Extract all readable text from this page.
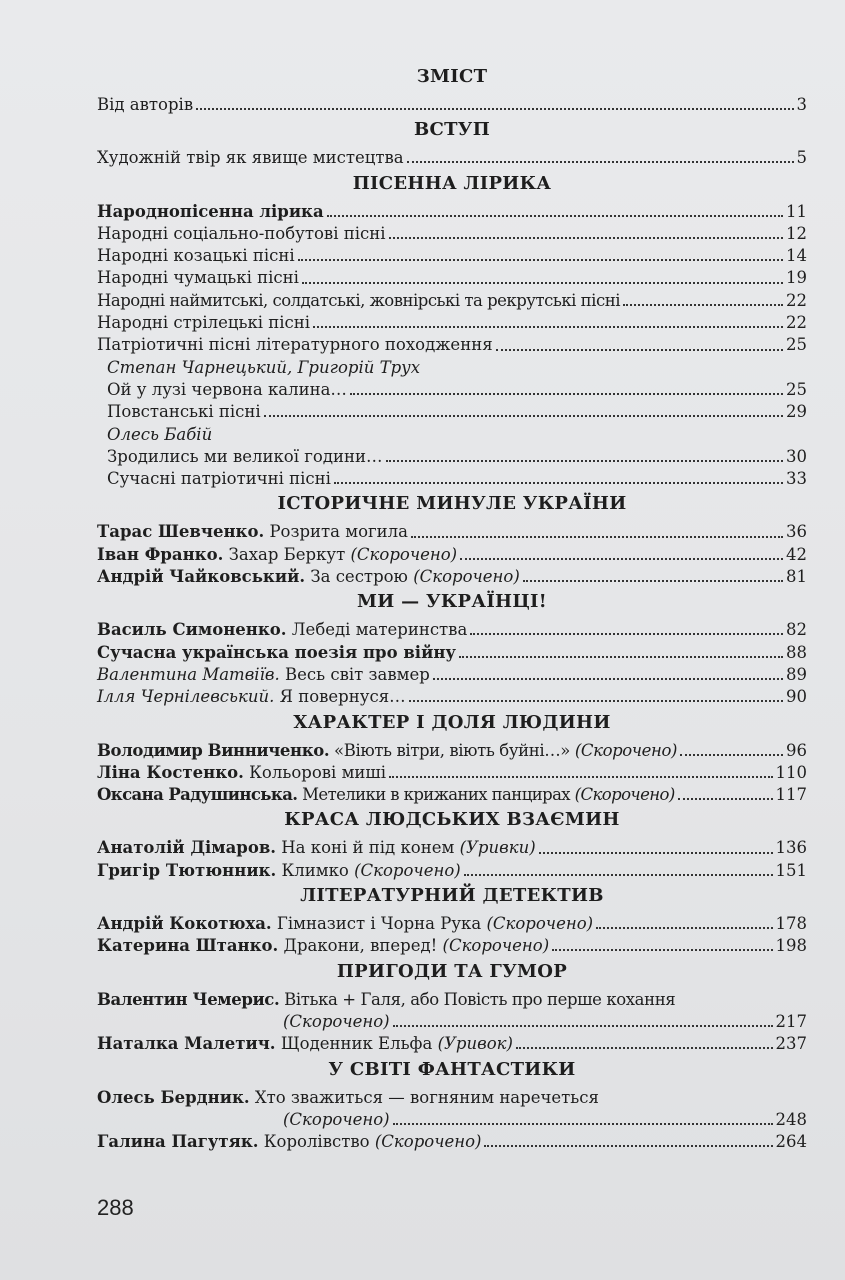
ЗМІСТ
Від авторів	3
ВСТУП
Художній твір як явище мистецтва	5
ПІСЕННА ЛІРИКА
Народнопісенна лірика	11
Народні соціально-побутові пісні	12
Народні козацькі пісні	14
Народні чумацькі пісні	19
Народні наймитські, солдатські, жовнірські та рекрутські пісні	22
Народні стрілецькі пісні	22
Патріотичні пісні літературного походження	25
Степан Чарнецький, Григорій Трух
Ой у лузі червона калина…	25
Повстанські пісні	29
Олесь Бабій
Зродились ми великої години…	30
Сучасні патріотичні пісні	33
ІСТОРИЧНЕ МИНУЛЕ УКРАЇНИ
Тарас Шевченко. Розрита могила	36
Іван Франко. Захар Беркут (Скорочено)	42
Андрій Чайковський. За сестрою (Скорочено)	81
МИ — УКРАЇНЦІ!
Василь Симоненко. Лебеді материнства	82
Сучасна українська поезія про війну	88
Валентина Матвіїв. Весь світ завмер	89
Ілля Чернілевський. Я повернуся…	90
ХАРАКТЕР І ДОЛЯ ЛЮДИНИ
Володимир Винниченко. «Віють вітри, віють буйні…» (Скорочено)	96
Ліна Костенко. Кольорові миші	110
Оксана Радушинська. Метелики в крижаних панцирах (Скорочено)	117
КРАСА ЛЮДСЬКИХ ВЗАЄМИН
Анатолій Дімаров. На коні й під конем (Уривки)	136
Григір Тютюнник. Климко (Скорочено)	151
ЛІТЕРАТУРНИЙ ДЕТЕКТИВ
Андрій Кокотюха. Гімназист і Чорна Рука (Скорочено)	178
Катерина Штанко. Дракони, вперед! (Скорочено)	198
ПРИГОДИ ТА ГУМОР
Валентин Чемерис. Вітька + Галя, або Повість про перше кохання
(Скорочено)	217
Наталка Малетич. Щоденник Ельфа (Уривок)	237
У СВІТІ ФАНТАСТИКИ
Олесь Бердник. Хто зважиться — вогняним наречеться
(Скорочено)	248
Галина Пагутяк. Королівство (Скорочено)	264
288
